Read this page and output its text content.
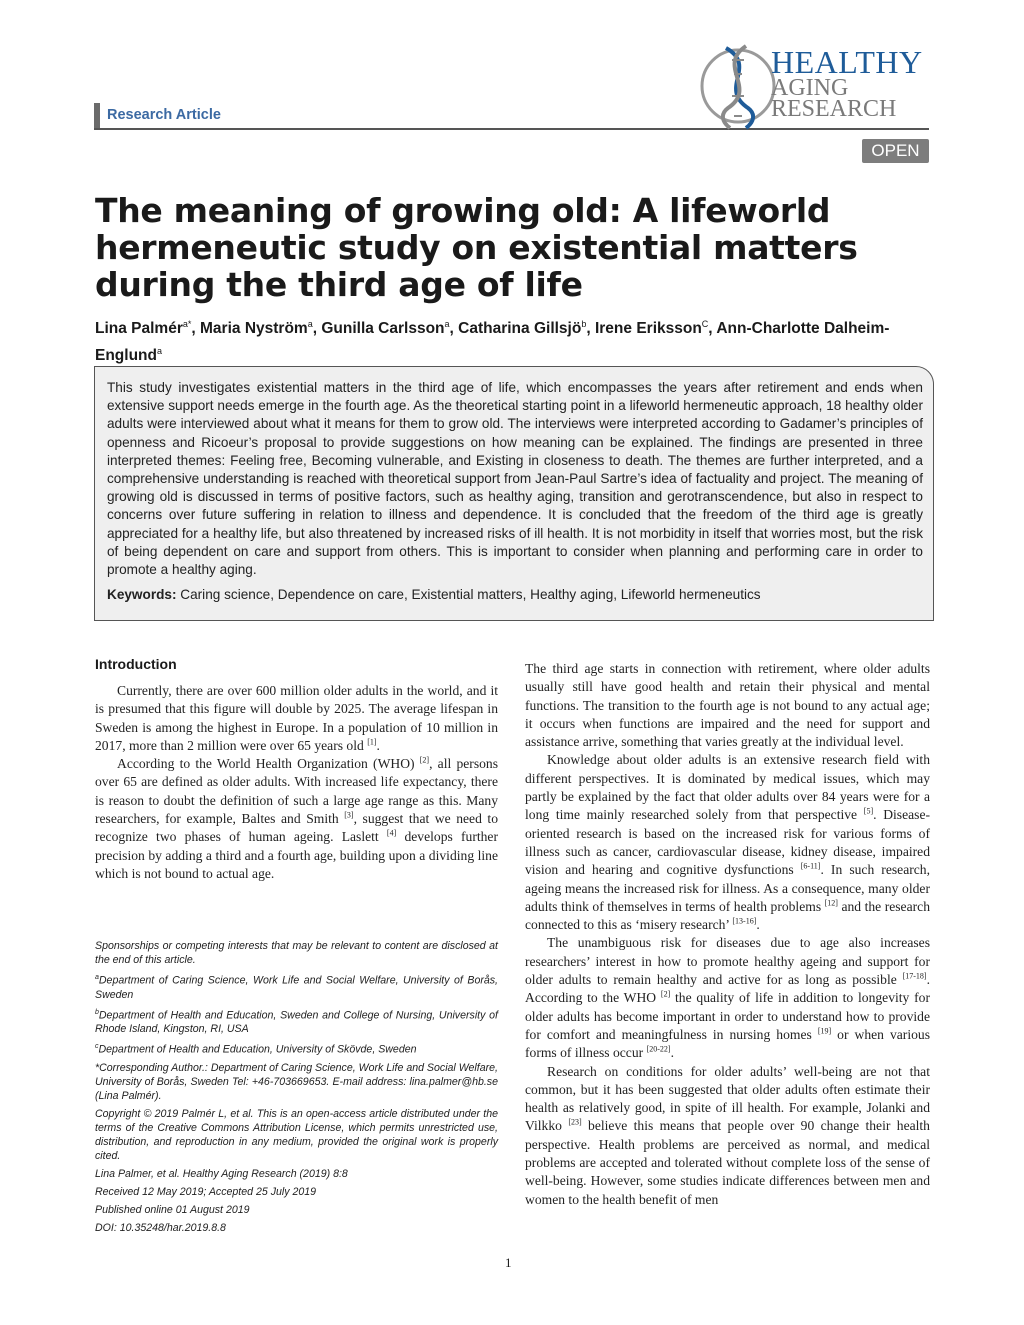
Research Article
HEALTHY
AGING
RESEARCH
OPEN
The meaning of growing old: A lifeworld hermeneutic study on existential matters during the third age of life
Lina Palmér$^{a*}$, Maria Nyström$^a$, Gunilla Carlsson$^a$, Catharina Gillsjö$^b$, Irene Eriksson$^C$, Ann-Charlotte Dalheim-Englund$^a$

This study investigates existential matters in the third age of life, which encompasses the years after retirement and ends when extensive support needs emerge in the fourth age. As the theoretical starting point in a lifeworld hermeneutic approach, 18 healthy older adults were interviewed about what it means for them to grow old. The interviews were interpreted according to Gadamer’s principles of openness and Ricoeur’s proposal to provide suggestions on how meaning can be explained. The findings are presented in three interpreted themes: Feeling free, Becoming vulnerable, and Existing in closeness to death. The themes are further interpreted, and a comprehensive understanding is reached with theoretical support from Jean-Paul Sartre’s idea of factuality and project. The meaning of growing old is discussed in terms of positive factors, such as healthy aging, transition and gerotranscendence, but also in respect to concerns over future suffering in relation to illness and dependence. It is concluded that the freedom of the third age is greatly appreciated for a healthy life, but also threatened by increased risks of ill health. It is not morbidity in itself that worries most, but the risk of being dependent on care and support from others. This is important to consider when planning and performing care in order to promote a healthy aging.

Keywords: Caring science, Dependence on care, Existential matters, Healthy aging, Lifeworld hermeneutics

Introduction

Currently, there are over 600 million older adults in the world, and it is presumed that this figure will double by 2025. The average lifespan in Sweden is among the highest in Europe. In a population of 10 million in 2017, more than 2 million were over 65 years old [1].

According to the World Health Organization (WHO) [2], all persons over 65 are defined as older adults. With increased life expectancy, there is reason to doubt the definition of such a large age range as this. Many researchers, for example, Baltes and Smith [3], suggest that we need to recognize two phases of human ageing. Laslett [4] develops further precision by adding a third and a fourth age, building upon a dividing line which is not bound to actual age.

Sponsorships or competing interests that may be relevant to content are disclosed at the end of this article.

$^a$Department of Caring Science, Work Life and Social Welfare, University of Borås, Sweden

$^b$Department of Health and Education, Sweden and College of Nursing, University of Rhode Island, Kingston, RI, USA

$^c$Department of Health and Education, University of Skövde, Sweden

*Corresponding Author.: Department of Caring Science, Work Life and Social Welfare, University of Borås, Sweden Tel: +46-703669653. E-mail address: lina.palmer@hb.se (Lina Palmér).

Copyright © 2019 Palmér L, et al. This is an open-access article distributed under the terms of the Creative Commons Attribution License, which permits unrestricted use, distribution, and reproduction in any medium, provided the original work is properly cited.

Lina Palmer, et al. Healthy Aging Research (2019) 8:8

Received 12 May 2019; Accepted 25 July 2019

Published online 01 August 2019

DOI: 10.35248/har.2019.8.8

The third age starts in connection with retirement, where older adults usually still have good health and retain their physical and mental functions. The transition to the fourth age is not bound to any actual age; it occurs when functions are impaired and the need for support and assistance arrive, something that varies greatly at the individual level.

Knowledge about older adults is an extensive research field with different perspectives. It is dominated by medical issues, which may partly be explained by the fact that older adults over 84 years were for a long time mainly researched solely from that perspective [5]. Disease-oriented research is based on the increased risk for various forms of illness such as cancer, cardiovascular disease, kidney disease, impaired vision and hearing and cognitive dysfunctions [6-11]. In such research, ageing means the increased risk for illness. As a consequence, many older adults think of themselves in terms of health problems [12] and the research connected to this as ‘misery research’ [13-16].

The unambiguous risk for diseases due to age also increases researchers’ interest in how to promote healthy ageing and support for older adults to remain healthy and active for as long as possible [17-18]. According to the WHO [2] the quality of life in addition to longevity for older adults has become important in order to understand how to provide for comfort and meaningfulness in nursing homes [19] or when various forms of illness occur [20-22].

Research on conditions for older adults’ well-being are not that common, but it has been suggested that older adults often estimate their health as relatively good, in spite of ill health. For example, Jolanki and Vilkko [23] believe this means that people over 90 change their health perspective. Health problems are perceived as normal, and medical problems are accepted and tolerated without complete loss of the sense of well-being. However, some studies indicate differences between men and women to the health benefit of men

1
